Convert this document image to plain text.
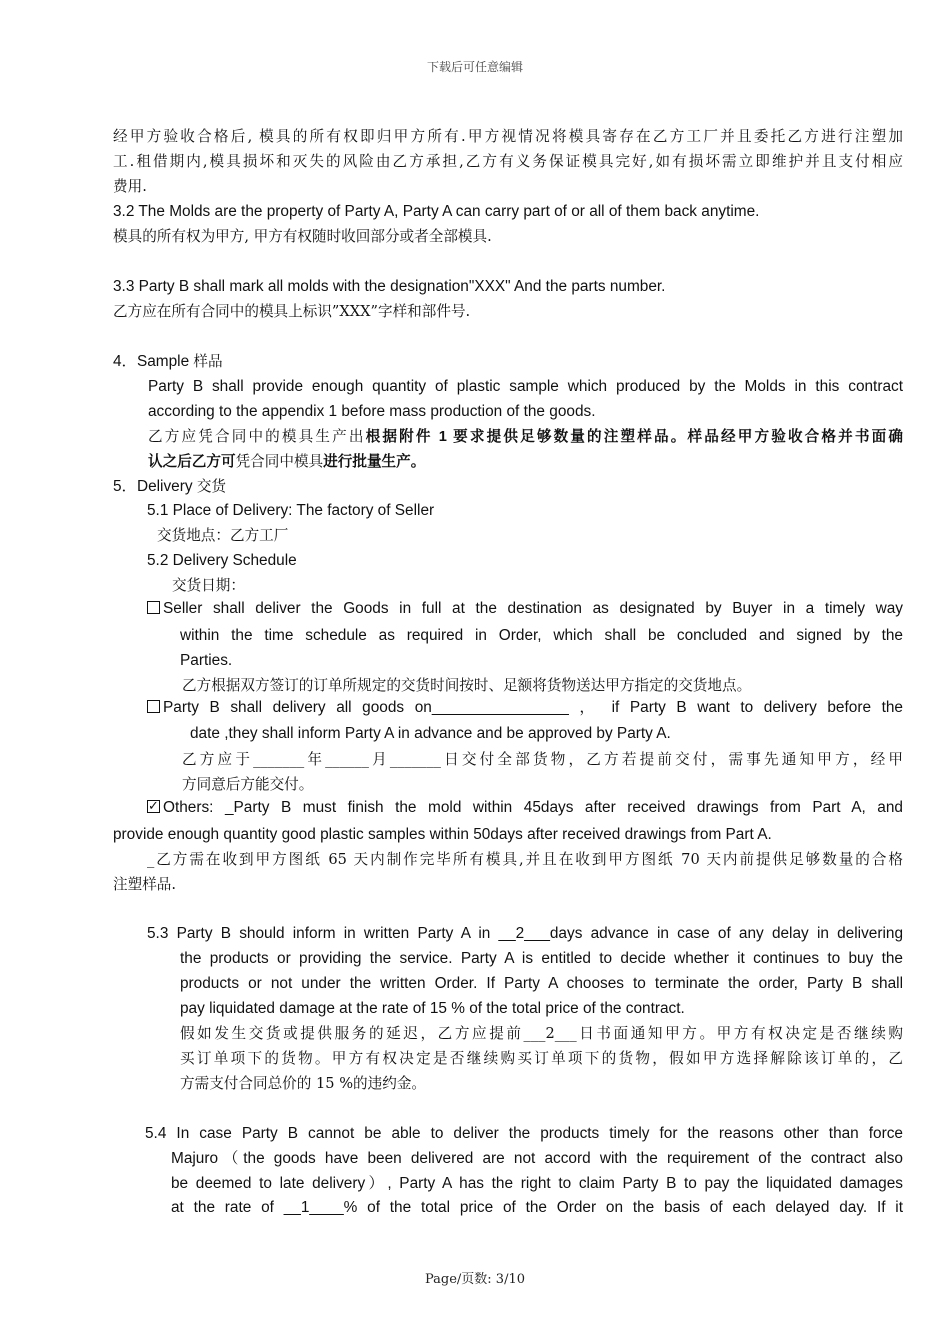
下载后可任意编辑
经甲方验收合格后, 模具的所有权即归甲方所有.甲方视情况将模具寄存在乙方工厂并且委托乙方进行注塑加
工.租借期内,模具损坏和灭失的风险由乙方承担,乙方有义务保证模具完好,如有损坏需立即维护并且支付相应
费用.
3.2 The Molds are the property of Party A, Party A can carry part of or all of them back anytime.
模具的所有权为甲方, 甲方有权随时收回部分或者全部模具.
3.3 Party B shall mark all molds with the designation"XXX" And the parts number.
乙方应在所有合同中的模具上标识”XXX”字样和部件号.
4．Sample 样品
Party B shall provide enough quantity of plastic sample which produced by the Molds in this contract
according to the appendix 1 before mass production of the goods.
乙方应凭合同中的模具生产出根据附件 1 要求提供足够数量的注塑样品。样品经甲方验收合格并书面确
认之后乙方可凭合同中模具进行批量生产。
5．Delivery 交货
5.1 Place of Delivery: The factory of Seller
交货地点：乙方工厂
5.2 Delivery Schedule
交货日期：
Seller shall deliver the Goods in full at the destination as designated by Buyer in a timely way
within the time schedule as required in Order, which shall be concluded and signed by the
Parties.
乙方根据双方签订的订单所规定的交货时间按时、足额将货物送达甲方指定的交货地点。
Party B shall delivery all goods on________________ ， if Party B want to delivery before the
date ,they shall inform Party A in advance and be approved by Party A.
乙方应于_______年______月_______日交付全部货物，乙方若提前交付，需事先通知甲方，经甲
方同意后方能交付。
✓Others: _Party B must finish the mold within 45days after received drawings from Part A, and
provide enough quantity good plastic samples within 50days after received drawings from Part A.
_乙方需在收到甲方图纸 65 天内制作完毕所有模具,并且在收到甲方图纸 70 天内前提供足够数量的合格
注塑样品.
5.3 Party B should inform in written Party A in __2___days advance in case of any delay in delivering
the products or providing the service. Party A is entitled to decide whether it continues to buy the
products or not under the written Order. If Party A chooses to terminate the order, Party B shall
pay liquidated damage at the rate of 15 % of the total price of the contract.
假如发生交货或提供服务的延迟，乙方应提前___2___日书面通知甲方。甲方有权决定是否继续购
买订单项下的货物。甲方有权决定是否继续购买订单项下的货物，假如甲方选择解除该订单的，乙
方需支付合同总价的 15 %的违约金。
5.4 In case Party B cannot be able to deliver the products timely for the reasons other than force
Majuro（the goods have been delivered are not accord with the requirement of the contract also
be deemed to late delivery）, Party A has the right to claim Party B to pay the liquidated damages
at the rate of __1____% of the total price of the Order on the basis of each delayed day. If it
Page/页数: 3/10
